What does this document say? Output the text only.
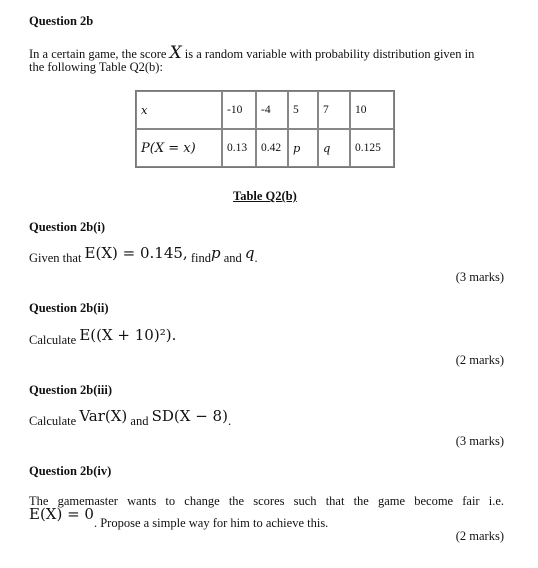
Question 2b
In a certain game, the score X is a random variable with probability distribution given in
the following Table Q2(b):
x	-10	-4	5	7	10
P(X = x)	0.13	0.42	p	q	0.125
Table Q2(b)
Question 2b(i)
Given that E(X) = 0.145, findp and q.
(3 marks)
Question 2b(ii)
Calculate E((X + 10)²).
(2 marks)
Question 2b(iii)
Calculate Var(X) and SD(X − 8).
(3 marks)
Question 2b(iv)
The gamemaster wants to change the scores such that the game become fair i.e.
E(X) = 0. Propose a simple way for him to achieve this.
(2 marks)
